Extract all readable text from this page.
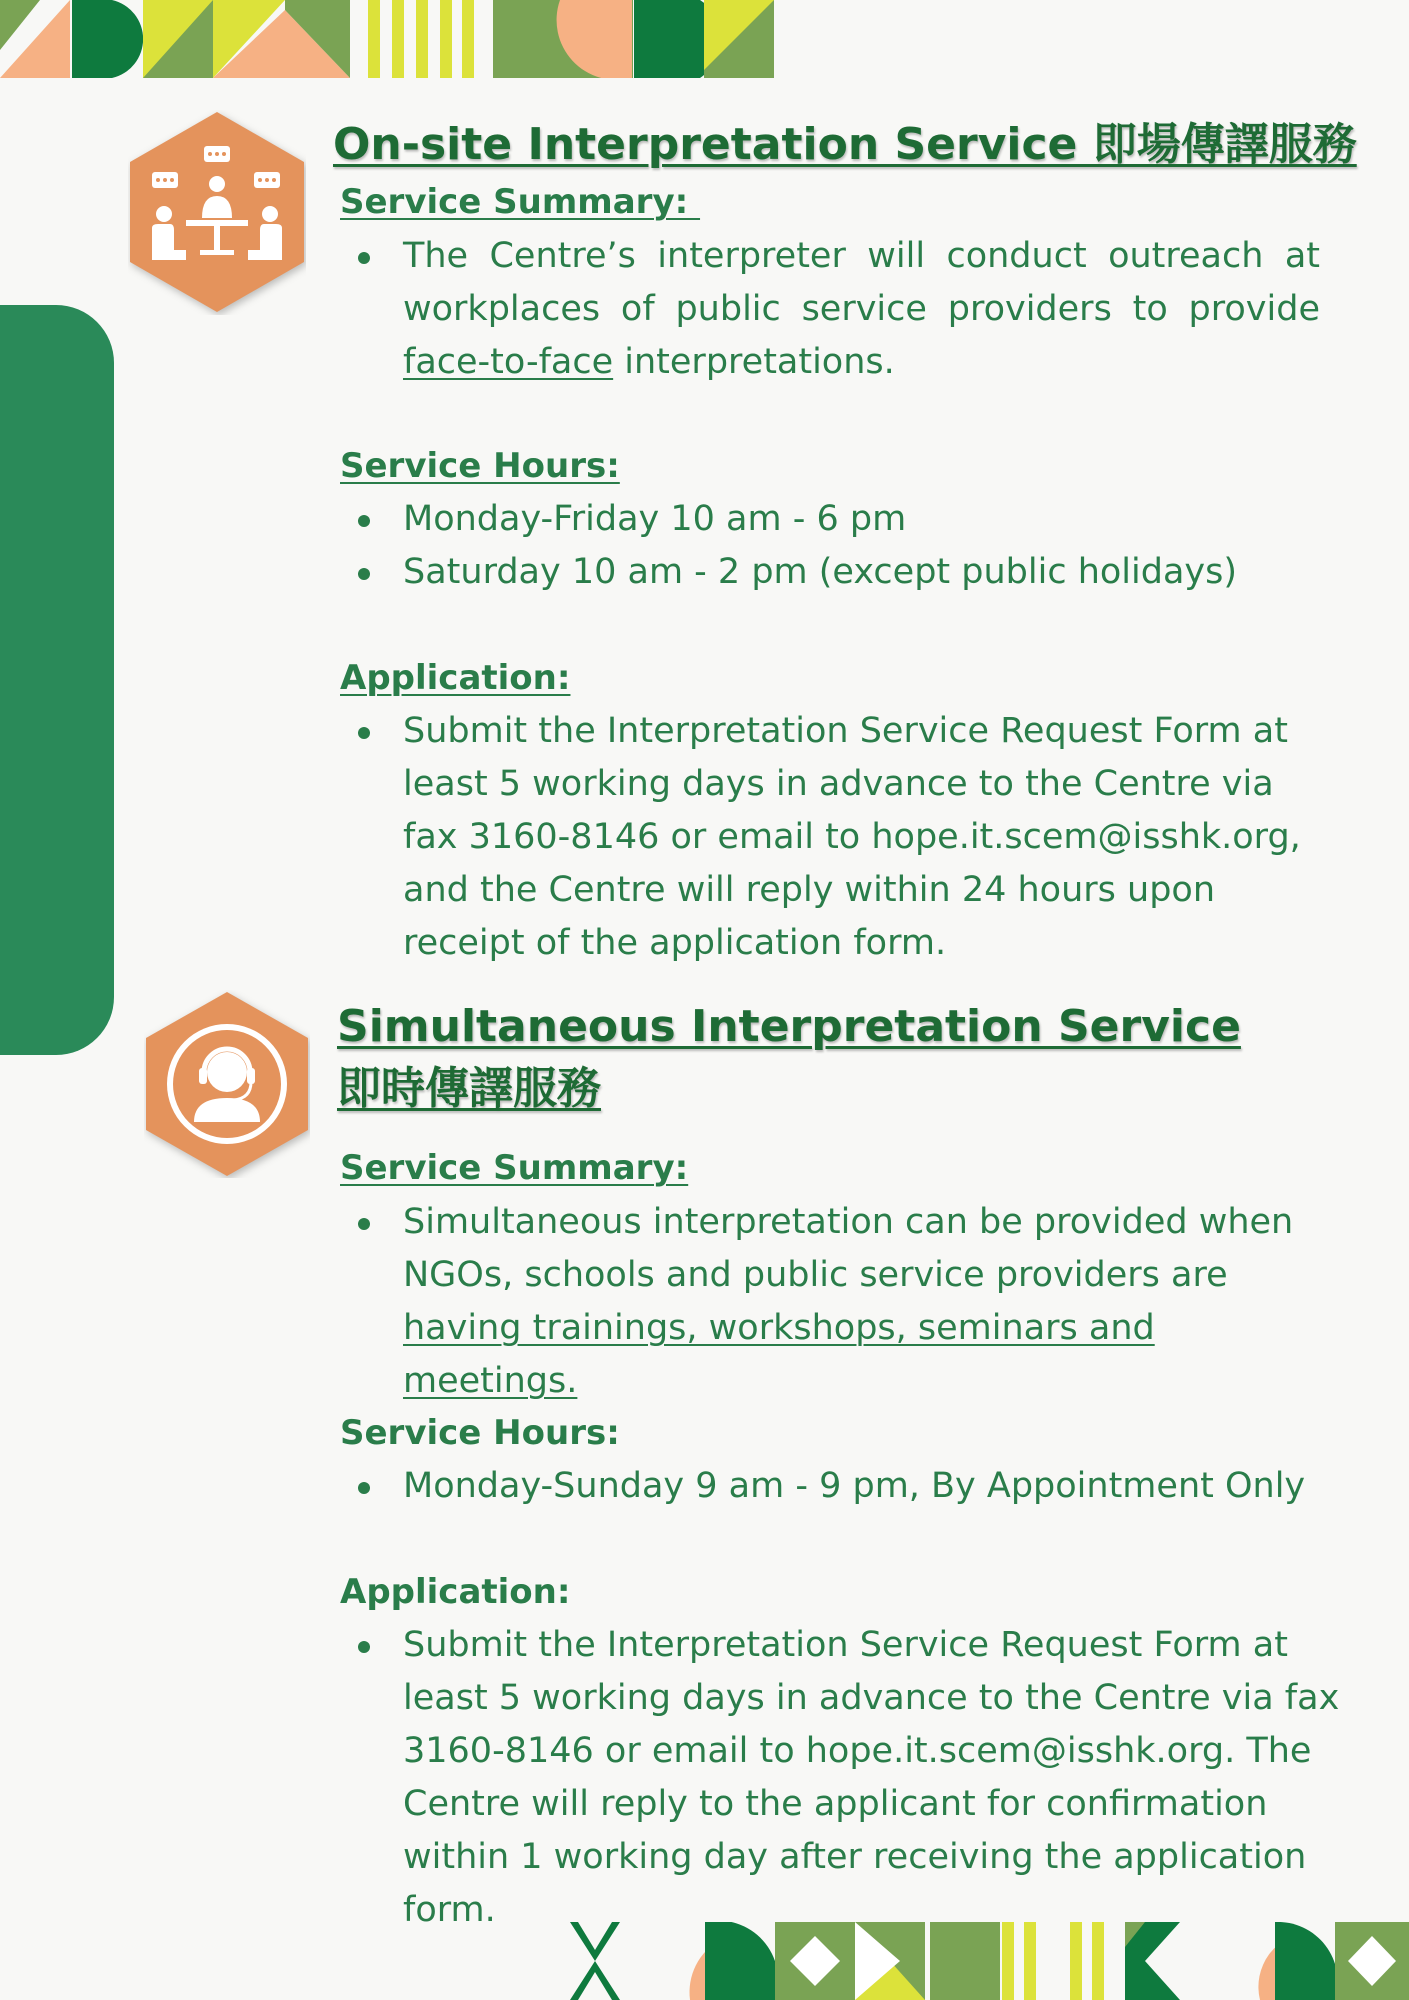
On-site Interpretation Service 即場傳譯服務
Service Summary:
The Centre’s interpreter will conduct outreach at workplaces of public service providers to provide face-to-face interpretations.
Service Hours:
Monday-Friday 10 am - 6 pm
Saturday 10 am - 2 pm (except public holidays)
Application:
Submit the Interpretation Service Request Form at least 5 working days in advance to the Centre via fax 3160-8146 or email to hope.it.scem@isshk.org, and the Centre will reply within 24 hours upon receipt of the application form.
Simultaneous Interpretation Service
即時傳譯服務
Service Summary:
Simultaneous interpretation can be provided when NGOs, schools and public service providers are having trainings, workshops, seminars and meetings.
Service Hours:
Monday-Sunday 9 am - 9 pm, By Appointment Only
Application:
Submit the Interpretation Service Request Form at least 5 working days in advance to the Centre via fax 3160-8146 or email to hope.it.scem@isshk.org. The Centre will reply to the applicant for confirmation within 1 working day after receiving the application form.
